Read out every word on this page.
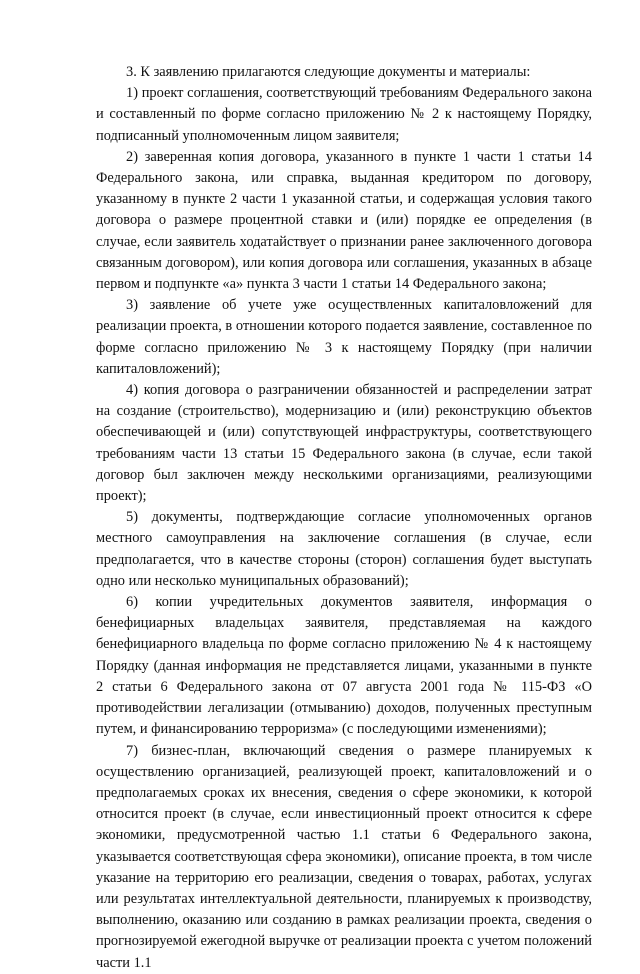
3. К заявлению прилагаются следующие документы и материалы:

1) проект соглашения, соответствующий требованиям Федерального закона и составленный по форме согласно приложению № 2 к настоящему Порядку, подписанный уполномоченным лицом заявителя;

2) заверенная копия договора, указанного в пункте 1 части 1 статьи 14 Федерального закона, или справка, выданная кредитором по договору, указанному в пункте 2 части 1 указанной статьи, и содержащая условия такого договора о размере процентной ставки и (или) порядке ее определения (в случае, если заявитель ходатайствует о признании ранее заключенного договора связанным договором), или копия договора или соглашения, указанных в абзаце первом и подпункте «а» пункта 3 части 1 статьи 14 Федерального закона;

3) заявление об учете уже осуществленных капиталовложений для реализации проекта, в отношении которого подается заявление, составленное по форме согласно приложению № 3 к настоящему Порядку (при наличии капиталовложений);

4) копия договора о разграничении обязанностей и распределении затрат на создание (строительство), модернизацию и (или) реконструкцию объектов обеспечивающей и (или) сопутствующей инфраструктуры, соответствующего требованиям части 13 статьи 15 Федерального закона (в случае, если такой договор был заключен между несколькими организациями, реализующими проект);

5) документы, подтверждающие согласие уполномоченных органов местного самоуправления на заключение соглашения (в случае, если предполагается, что в качестве стороны (сторон) соглашения будет выступать одно или несколько муниципальных образований);

6) копии учредительных документов заявителя, информация о бенефициарных владельцах заявителя, представляемая на каждого бенефициарного владельца по форме согласно приложению № 4 к настоящему Порядку (данная информация не представляется лицами, указанными в пункте 2 статьи 6 Федерального закона от 07 августа 2001 года № 115-ФЗ «О противодействии легализации (отмыванию) доходов, полученных преступным путем, и финансированию терроризма» (с последующими изменениями);

7) бизнес-план, включающий сведения о размере планируемых к осуществлению организацией, реализующей проект, капиталовложений и о предполагаемых сроках их внесения, сведения о сфере экономики, к которой относится проект (в случае, если инвестиционный проект относится к сфере экономики, предусмотренной частью 1.1 статьи 6 Федерального закона, указывается соответствующая сфера экономики), описание проекта, в том числе указание на территорию его реализации, сведения о товарах, работах, услугах или результатах интеллектуальной деятельности, планируемых к производству, выполнению, оказанию или созданию в рамках реализации проекта, сведения о прогнозируемой ежегодной выручке от реализации проекта с учетом положений части 1.1
